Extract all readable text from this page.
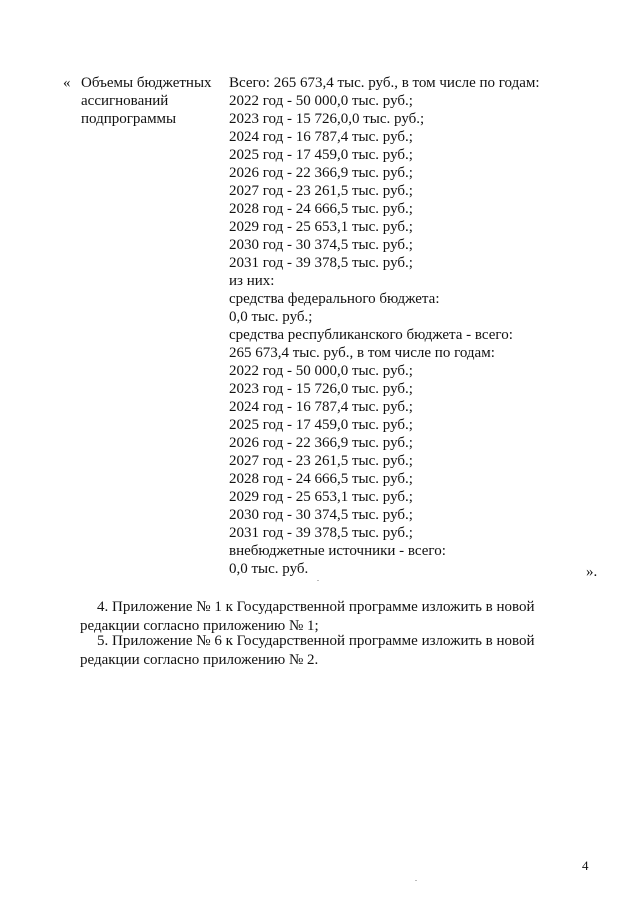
« Объемы бюджетных
ассигнований
подпрограммы
Всего: 265 673,4 тыс. руб., в том числе по годам:
2022 год - 50 000,0 тыс. руб.;
2023 год - 15 726,0,0 тыс. руб.;
2024 год - 16 787,4 тыс. руб.;
2025 год - 17 459,0 тыс. руб.;
2026 год - 22 366,9 тыс. руб.;
2027 год - 23 261,5 тыс. руб.;
2028 год - 24 666,5 тыс. руб.;
2029 год - 25 653,1 тыс. руб.;
2030 год - 30 374,5 тыс. руб.;
2031 год - 39 378,5 тыс. руб.;
из них:
средства федерального бюджета:
0,0 тыс. руб.;
средства республиканского бюджета - всего:
265 673,4 тыс. руб., в том числе по годам:
2022 год - 50 000,0 тыс. руб.;
2023 год - 15 726,0 тыс. руб.;
2024 год - 16 787,4 тыс. руб.;
2025 год - 17 459,0 тыс. руб.;
2026 год - 22 366,9 тыс. руб.;
2027 год - 23 261,5 тыс. руб.;
2028 год - 24 666,5 тыс. руб.;
2029 год - 25 653,1 тыс. руб.;
2030 год - 30 374,5 тыс. руб.;
2031 год - 39 378,5 тыс. руб.;
внебюджетные источники - всего:
0,0 тыс. руб.	».
4. Приложение № 1 к Государственной программе изложить в новой
редакции согласно приложению № 1;
5. Приложение № 6 к Государственной программе изложить в новой
редакции согласно приложению № 2.
4
